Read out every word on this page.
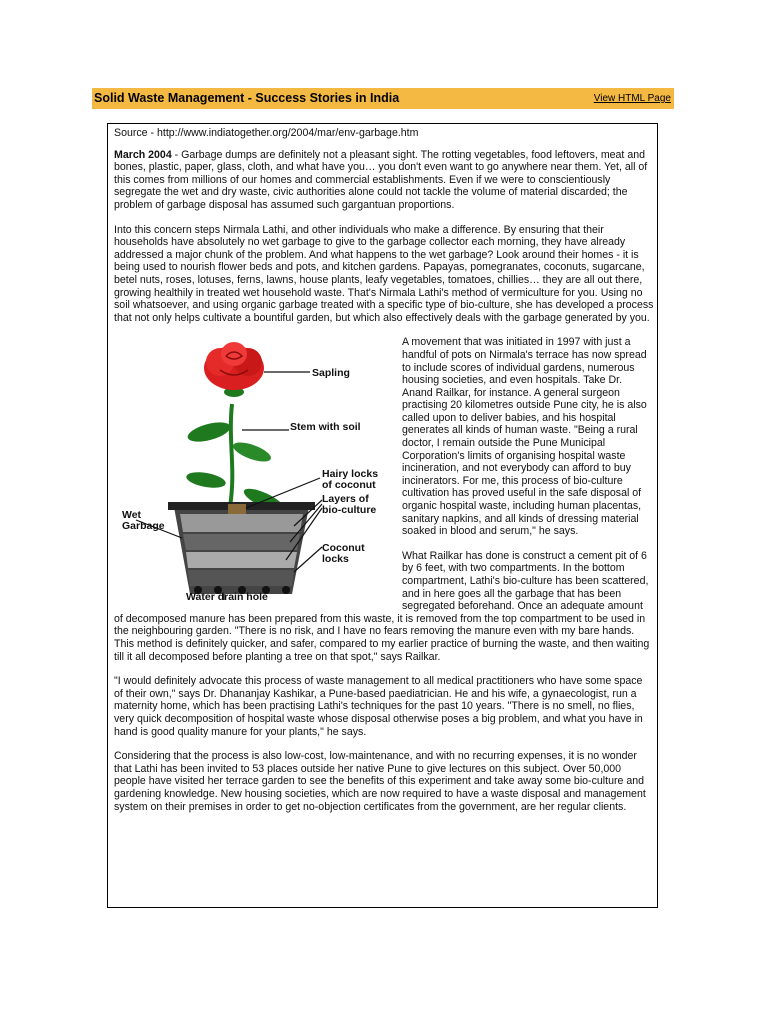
Solid Waste Management - Success Stories in India	View HTML Page

Source - http://www.indiatogether.org/2004/mar/env-garbage.htm

March 2004 - Garbage dumps are definitely not a pleasant sight. The rotting vegetables, food leftovers, meat and bones, plastic, paper, glass, cloth, and what have you… you don't even want to go anywhere near them. Yet, all of this comes from millions of our homes and commercial establishments. Even if we were to conscientiously segregate the wet and dry waste, civic authorities alone could not tackle the volume of material discarded; the problem of garbage disposal has assumed such gargantuan proportions.

Into this concern steps Nirmala Lathi, and other individuals who make a difference. By ensuring that their households have absolutely no wet garbage to give to the garbage collector each morning, they have already addressed a major chunk of the problem. And what happens to the wet garbage? Look around their homes - it is being used to nourish flower beds and pots, and kitchen gardens. Papayas, pomegranates, coconuts, sugarcane, betel nuts, roses, lotuses, ferns, lawns, house plants, leafy vegetables, tomatoes, chillies… they are all out there, growing healthily in treated wet household waste. That's Nirmala Lathi's method of vermiculture for you. Using no soil whatsoever, and using organic garbage treated with a specific type of bio-culture, she has developed a process that not only helps cultivate a bountiful garden, but which also effectively deals with the garbage generated by you.

Sapling
Stem with soil
Hairy locks
of coconut
Layers of
bio-culture
Wet
Garbage
Coconut
locks
Water drain hole

A movement that was initiated in 1997 with just a handful of pots on Nirmala's terrace has now spread to include scores of individual gardens, numerous housing societies, and even hospitals. Take Dr. Anand Railkar, for instance. A general surgeon practising 20 kilometres outside Pune city, he is also called upon to deliver babies, and his hospital generates all kinds of human waste. "Being a rural doctor, I remain outside the Pune Municipal Corporation's limits of organising hospital waste incineration, and not everybody can afford to buy incinerators. For me, this process of bio-culture cultivation has proved useful in the safe disposal of organic hospital waste, including human placentas, sanitary napkins, and all kinds of dressing material soaked in blood and serum," he says.

What Railkar has done is construct a cement pit of 6 by 6 feet, with two compartments. In the bottom compartment, Lathi's bio-culture has been scattered, and in here goes all the garbage that has been segregated beforehand. Once an adequate amount of decomposed manure has been prepared from this waste, it is removed from the top compartment to be used in the neighbouring garden. "There is no risk, and I have no fears removing the manure even with my bare hands. This method is definitely quicker, and safer, compared to my earlier practice of burning the waste, and then waiting till it all decomposed before planting a tree on that spot," says Railkar.

"I would definitely advocate this process of waste management to all medical practitioners who have some space of their own," says Dr. Dhananjay Kashikar, a Pune-based paediatrician. He and his wife, a gynaecologist, run a maternity home, which has been practising Lathi's techniques for the past 10 years. "There is no smell, no flies, very quick decomposition of hospital waste whose disposal otherwise poses a big problem, and what you have in hand is good quality manure for your plants," he says.

Considering that the process is also low-cost, low-maintenance, and with no recurring expenses, it is no wonder that Lathi has been invited to 53 places outside her native Pune to give lectures on this subject. Over 50,000 people have visited her terrace garden to see the benefits of this experiment and take away some bio-culture and gardening knowledge. New housing societies, which are now required to have a waste disposal and management system on their premises in order to get no-objection certificates from the government, are her regular clients.
